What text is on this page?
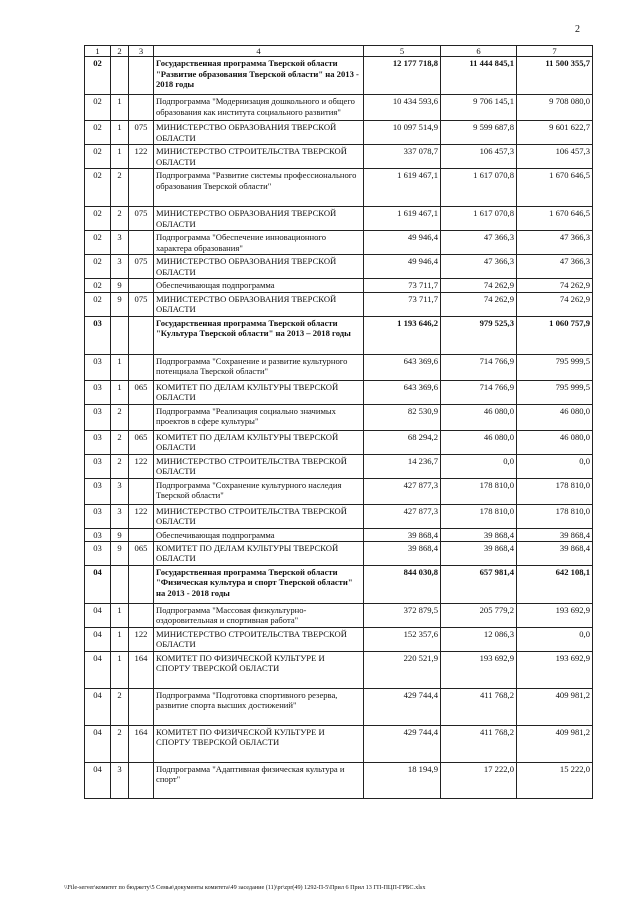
2
1	2	3	4	5	6	7
02			Государственная программа Тверской области "Развитие образования Тверской области" на 2013 - 2018 годы	12 177 718,8	11 444 845,1	11 500 355,7
02	1		Подпрограмма "Модернизация дошкольного и общего образования как института социального развития"	10 434 593,6	9 706 145,1	9 708 080,0
02	1	075	МИНИСТЕРСТВО ОБРАЗОВАНИЯ ТВЕРСКОЙ ОБЛАСТИ	10 097 514,9	9 599 687,8	9 601 622,7
02	1	122	МИНИСТЕРСТВО СТРОИТЕЛЬСТВА ТВЕРСКОЙ ОБЛАСТИ	337 078,7	106 457,3	106 457,3
02	2		Подпрограмма "Развитие системы профессионального образования Тверской области"	1 619 467,1	1 617 070,8	1 670 646,5
02	2	075	МИНИСТЕРСТВО ОБРАЗОВАНИЯ ТВЕРСКОЙ ОБЛАСТИ	1 619 467,1	1 617 070,8	1 670 646,5
02	3		Подпрограмма "Обеспечение инновационного характера образования"	49 946,4	47 366,3	47 366,3
02	3	075	МИНИСТЕРСТВО ОБРАЗОВАНИЯ ТВЕРСКОЙ ОБЛАСТИ	49 946,4	47 366,3	47 366,3
02	9		Обеспечивающая подпрограмма	73 711,7	74 262,9	74 262,9
02	9	075	МИНИСТЕРСТВО ОБРАЗОВАНИЯ ТВЕРСКОЙ ОБЛАСТИ	73 711,7	74 262,9	74 262,9
03			Государственная программа Тверской области "Культура Тверской области" на 2013 – 2018 годы	1 193 646,2	979 525,3	1 060 757,9
03	1		Подпрограмма "Сохранение и развитие культурного потенциала Тверской области"	643 369,6	714 766,9	795 999,5
03	1	065	КОМИТЕТ ПО ДЕЛАМ КУЛЬТУРЫ ТВЕРСКОЙ ОБЛАСТИ	643 369,6	714 766,9	795 999,5
03	2		Подпрограмма "Реализация социально значимых проектов в сфере культуры"	82 530,9	46 080,0	46 080,0
03	2	065	КОМИТЕТ ПО ДЕЛАМ КУЛЬТУРЫ ТВЕРСКОЙ ОБЛАСТИ	68 294,2	46 080,0	46 080,0
03	2	122	МИНИСТЕРСТВО СТРОИТЕЛЬСТВА ТВЕРСКОЙ ОБЛАСТИ	14 236,7	0,0	0,0
03	3		Подпрограмма "Сохранение культурного наследия Тверской области"	427 877,3	178 810,0	178 810,0
03	3	122	МИНИСТЕРСТВО СТРОИТЕЛЬСТВА ТВЕРСКОЙ ОБЛАСТИ	427 877,3	178 810,0	178 810,0
03	9		Обеспечивающая подпрограмма	39 868,4	39 868,4	39 868,4
03	9	065	КОМИТЕТ ПО ДЕЛАМ КУЛЬТУРЫ ТВЕРСКОЙ ОБЛАСТИ	39 868,4	39 868,4	39 868,4
04			Государственная программа Тверской области "Физическая культура и спорт Тверской области" на 2013 - 2018 годы	844 030,8	657 981,4	642 108,1
04	1		Подпрограмма "Массовая физкультурно-оздоровительная и спортивная работа"	372 879,5	205 779,2	193 692,9
04	1	122	МИНИСТЕРСТВО СТРОИТЕЛЬСТВА ТВЕРСКОЙ ОБЛАСТИ	152 357,6	12 086,3	0,0
04	1	164	КОМИТЕТ ПО ФИЗИЧЕСКОЙ КУЛЬТУРЕ И СПОРТУ ТВЕРСКОЙ ОБЛАСТИ	220 521,9	193 692,9	193 692,9
04	2		Подпрограмма "Подготовка спортивного резерва, развитие спорта высших достижений"	429 744,4	411 768,2	409 981,2
04	2	164	КОМИТЕТ ПО ФИЗИЧЕСКОЙ КУЛЬТУРЕ И СПОРТУ ТВЕРСКОЙ ОБЛАСТИ	429 744,4	411 768,2	409 981,2
04	3		Подпрограмма "Адаптивная физическая культура и спорт"	18 194,9	17 222,0	15 222,0
\\File-server\комитет по бюджету\5 Семья\документы комитета\49 заседание (11)\pr\zpr(49) 1292-П-5\Прил 6 Прил 13 ГП-ПЦП-ГРБС.xlsx
